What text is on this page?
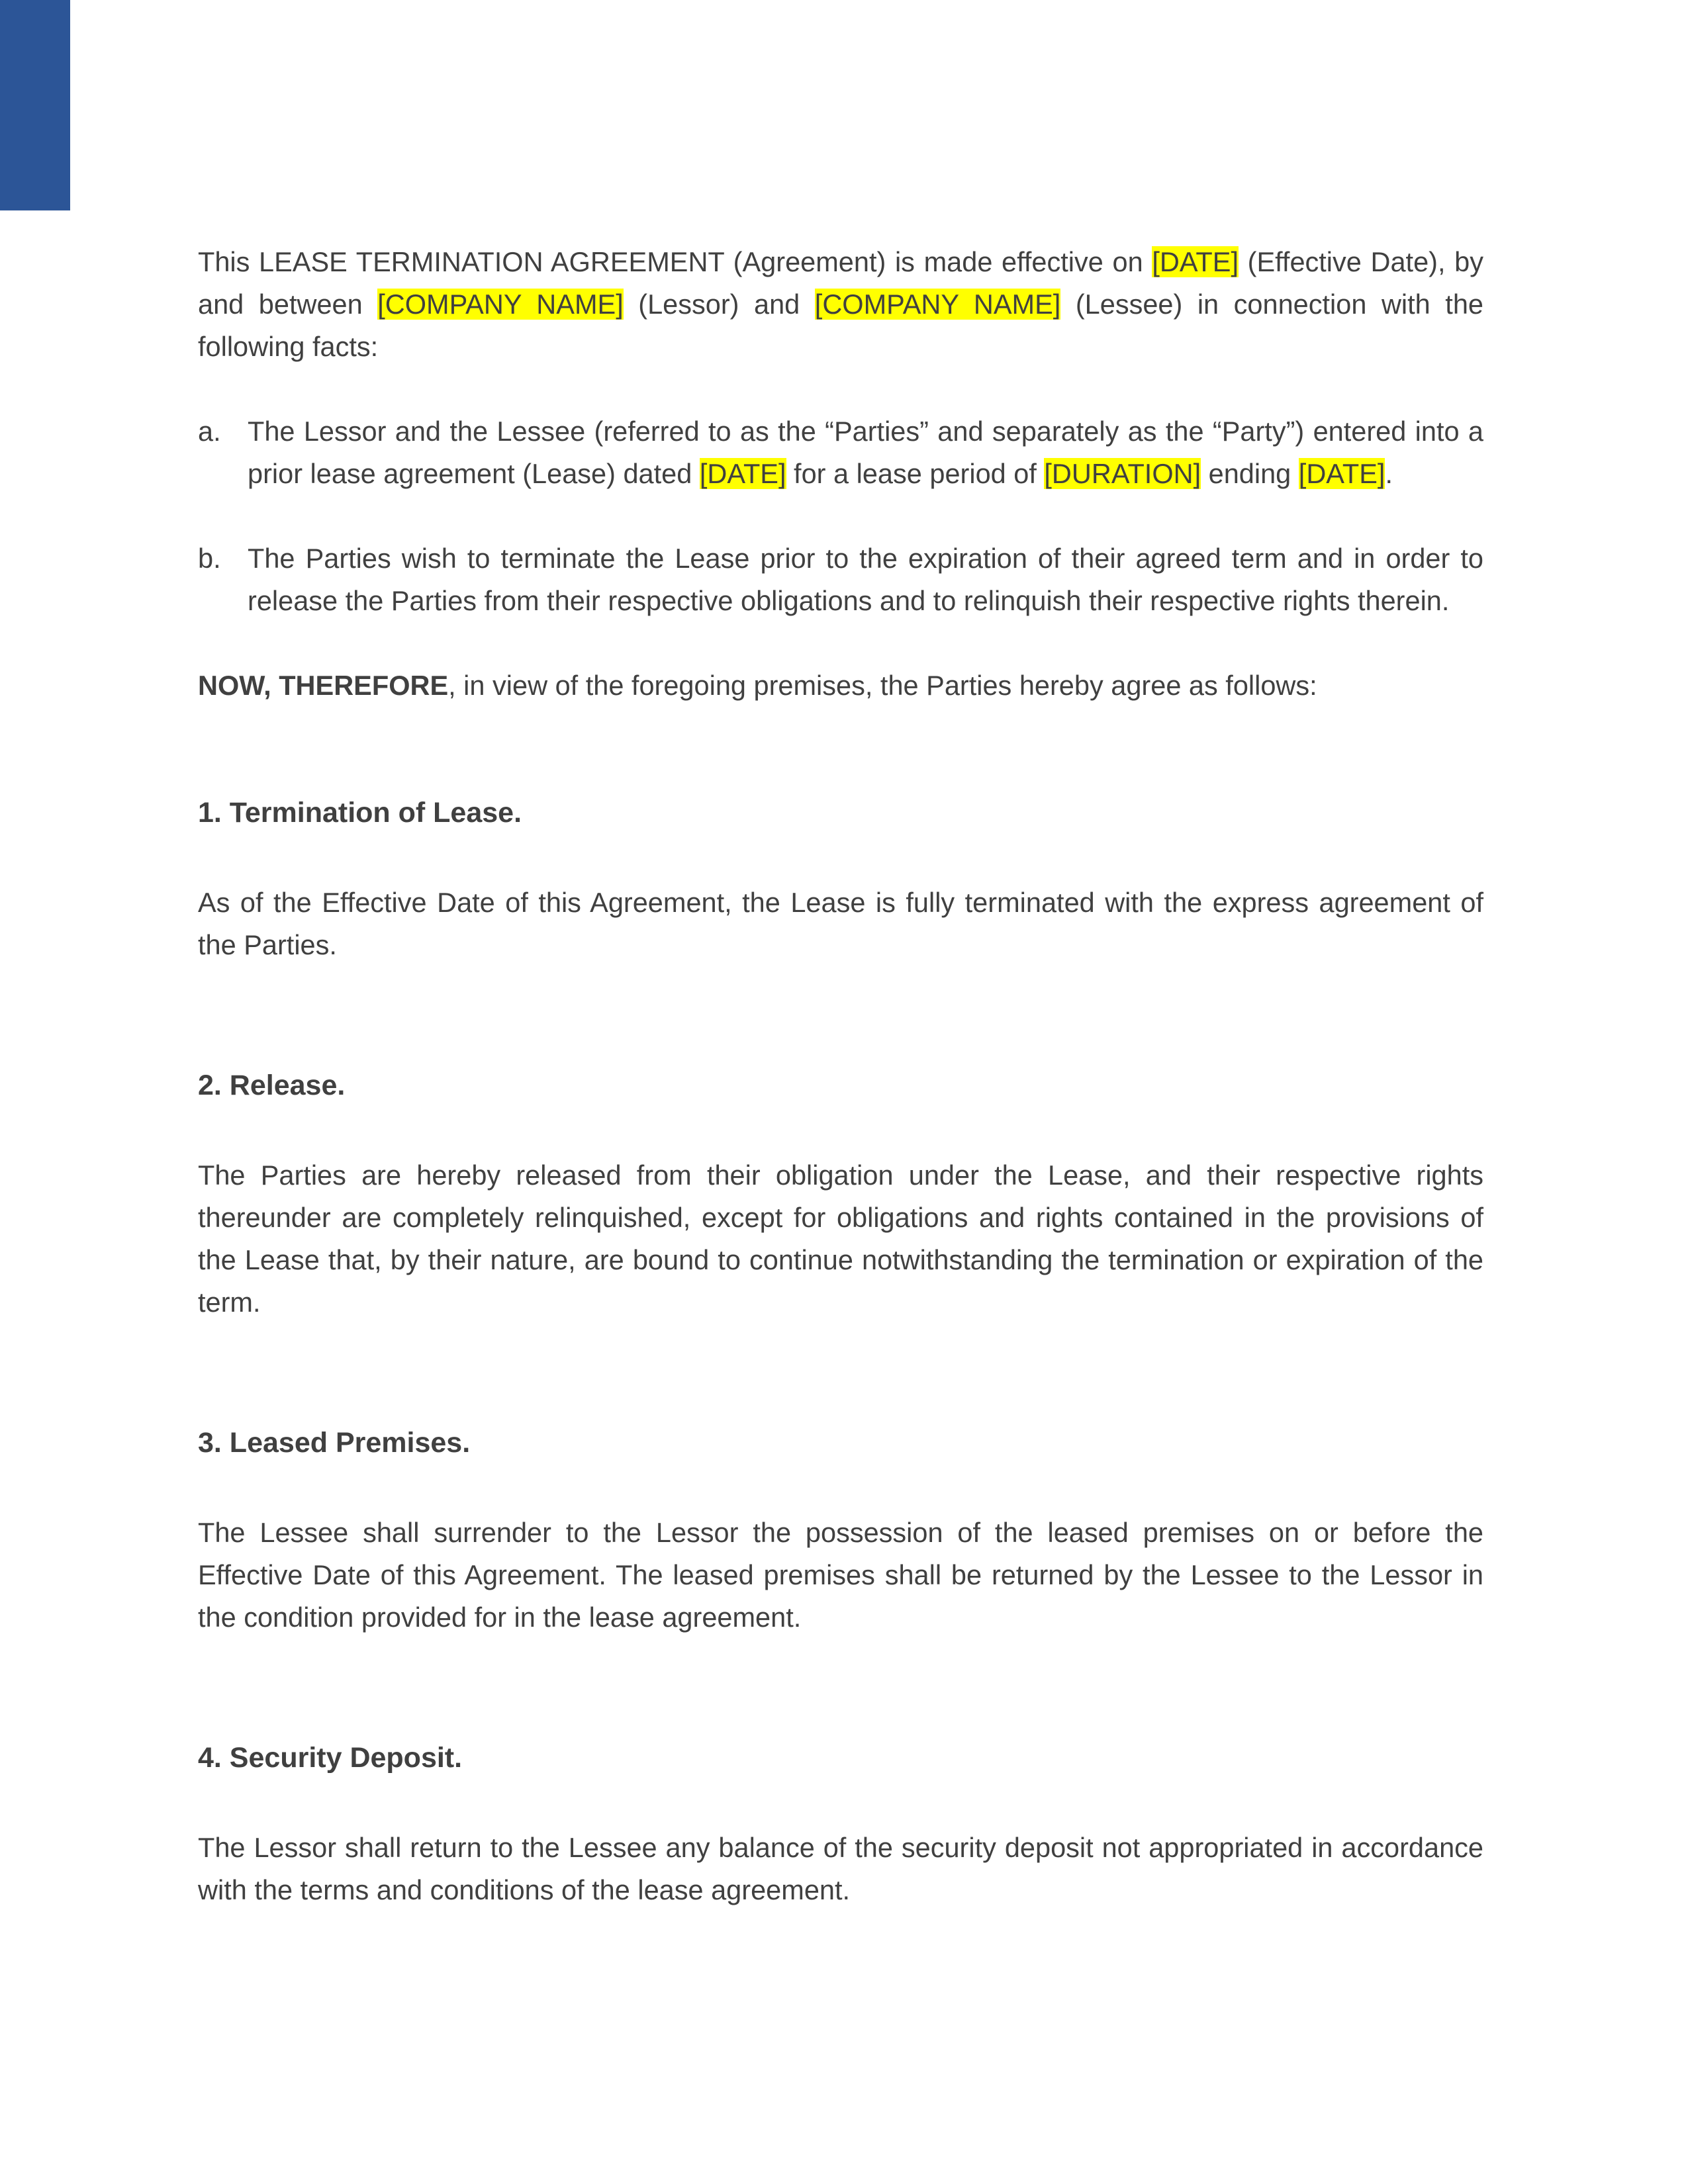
This LEASE TERMINATION AGREEMENT (Agreement) is made effective on [DATE] (Effective Date), by and between [COMPANY NAME] (Lessor) and [COMPANY NAME] (Lessee) in connection with the following facts:

a. The Lessor and the Lessee (referred to as the “Parties” and separately as the “Party”) entered into a prior lease agreement (Lease) dated [DATE] for a lease period of [DURATION] ending [DATE].
b. The Parties wish to terminate the Lease prior to the expiration of their agreed term and in order to release the Parties from their respective obligations and to relinquish their respective rights therein.

NOW, THEREFORE, in view of the foregoing premises, the Parties hereby agree as follows:

1. Termination of Lease.

As of the Effective Date of this Agreement, the Lease is fully terminated with the express agreement of the Parties.

2. Release.

The Parties are hereby released from their obligation under the Lease, and their respective rights thereunder are completely relinquished, except for obligations and rights contained in the provisions of the Lease that, by their nature, are bound to continue notwithstanding the termination or expiration of the term.

3. Leased Premises.

The Lessee shall surrender to the Lessor the possession of the leased premises on or before the Effective Date of this Agreement. The leased premises shall be returned by the Lessee to the Lessor in the condition provided for in the lease agreement.

4. Security Deposit.

The Lessor shall return to the Lessee any balance of the security deposit not appropriated in accordance with the terms and conditions of the lease agreement.
